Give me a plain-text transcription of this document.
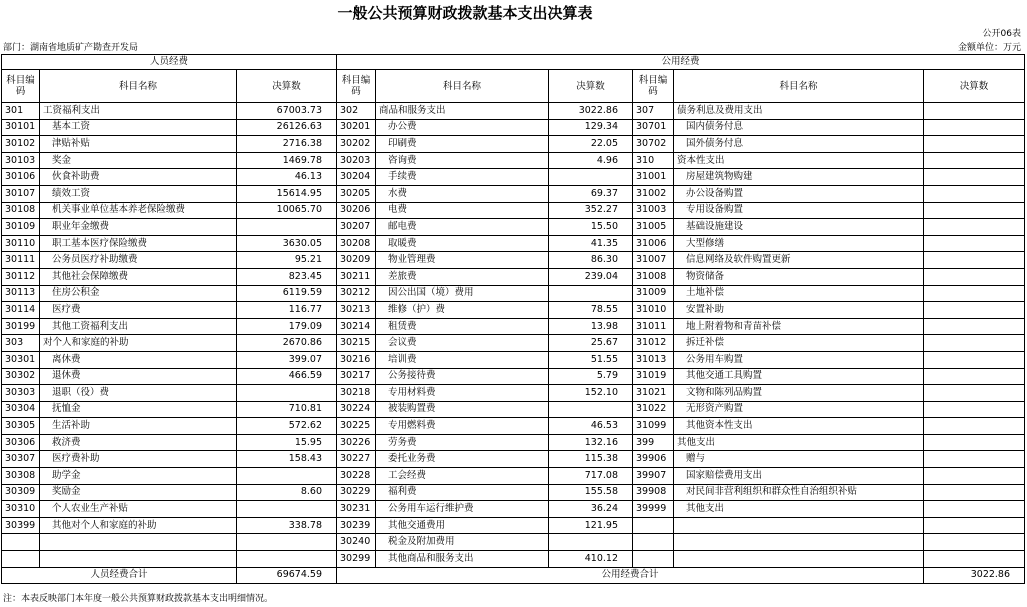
一般公共预算财政拨款基本支出决算表
公开06表
部门：湖南省地质矿产勘查开发局	金额单位：万元
人员经费			公用经费					
科目编码	科目名称	决算数	科目编码	科目名称	决算数	科目编码	科目名称	决算数
301	工资福利支出	67003.73	302	商品和服务支出	3022.86	307	债务利息及费用支出	
30101	基本工资	26126.63	30201	办公费	129.34	30701	国内债务付息	
30102	津贴补贴	2716.38	30202	印刷费	22.05	30702	国外债务付息	
30103	奖金	1469.78	30203	咨询费	4.96	310	资本性支出	
30106	伙食补助费	46.13	30204	手续费		31001	房屋建筑物购建	
30107	绩效工资	15614.95	30205	水费	69.37	31002	办公设备购置	
30108	机关事业单位基本养老保险缴费	10065.70	30206	电费	352.27	31003	专用设备购置	
30109	职业年金缴费		30207	邮电费	15.50	31005	基础设施建设	
30110	职工基本医疗保险缴费	3630.05	30208	取暖费	41.35	31006	大型修缮	
30111	公务员医疗补助缴费	95.21	30209	物业管理费	86.30	31007	信息网络及软件购置更新	
30112	其他社会保障缴费	823.45	30211	差旅费	239.04	31008	物资储备	
30113	住房公积金	6119.59	30212	因公出国（境）费用		31009	土地补偿	
30114	医疗费	116.77	30213	维修（护）费	78.55	31010	安置补助	
30199	其他工资福利支出	179.09	30214	租赁费	13.98	31011	地上附着物和青苗补偿	
303	对个人和家庭的补助	2670.86	30215	会议费	25.67	31012	拆迁补偿	
30301	离休费	399.07	30216	培训费	51.55	31013	公务用车购置	
30302	退休费	466.59	30217	公务接待费	5.79	31019	其他交通工具购置	
30303	退职（役）费		30218	专用材料费	152.10	31021	文物和陈列品购置	
30304	抚恤金	710.81	30224	被装购置费		31022	无形资产购置	
30305	生活补助	572.62	30225	专用燃料费	46.53	31099	其他资本性支出	
30306	救济费	15.95	30226	劳务费	132.16	399	其他支出	
30307	医疗费补助	158.43	30227	委托业务费	115.38	39906	赠与	
30308	助学金		30228	工会经费	717.08	39907	国家赔偿费用支出	
30309	奖励金	8.60	30229	福利费	155.58	39908	对民间非营利组织和群众性自治组织补贴	
30310	个人农业生产补贴		30231	公务用车运行维护费	36.24	39999	其他支出	
30399	其他对个人和家庭的补助	338.78	30239	其他交通费用	121.95			
			30240	税金及附加费用				
			30299	其他商品和服务支出	410.12			
人员经费合计		69674.59	公用经费合计					3022.86
注：本表反映部门本年度一般公共预算财政拨款基本支出明细情况。
